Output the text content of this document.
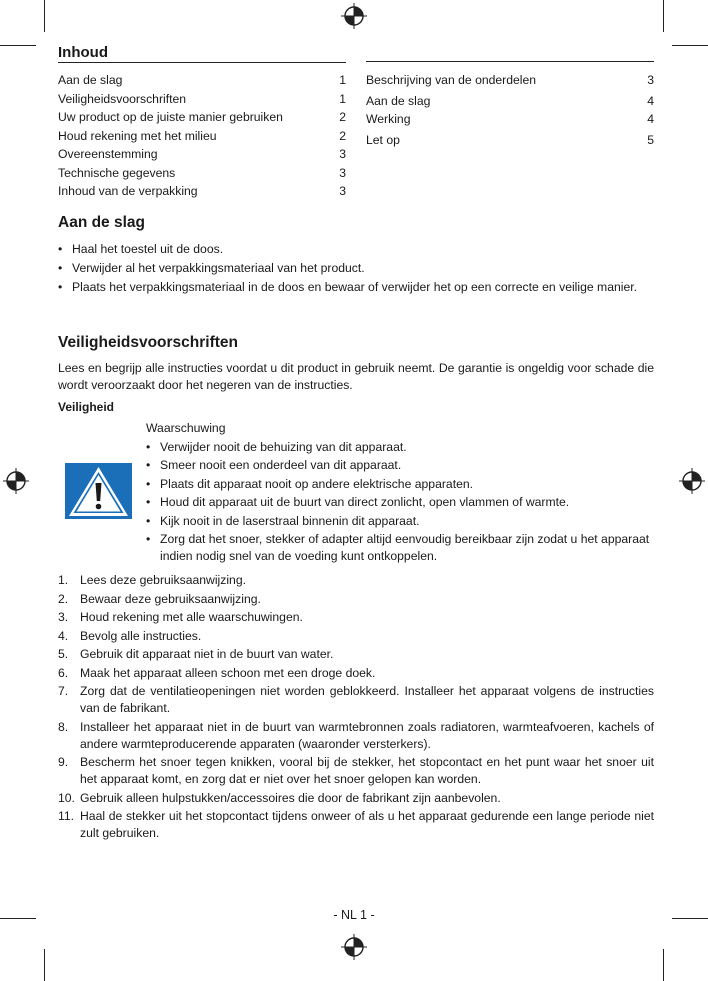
Inhoud
Aan de slag	1
Veiligheidsvoorschriften	1
Uw product op de juiste manier gebruiken	2
Houd rekening met het milieu	2
Overeenstemming	3
Technische gegevens	3
Inhoud van de verpakking	3
Beschrijving van de onderdelen	3
Aan de slag	4
Werking	4
Let op	5
Aan de slag
• Haal het toestel uit de doos.
• Verwijder al het verpakkingsmateriaal van het product.
• Plaats het verpakkingsmateriaal in de doos en bewaar of verwijder het op een correcte en veilige manier.
Veiligheidsvoorschriften
Lees en begrijp alle instructies voordat u dit product in gebruik neemt. De garantie is ongeldig voor schade die wordt veroorzaakt door het negeren van de instructies.
Veiligheid
Waarschuwing
• Verwijder nooit de behuizing van dit apparaat.
• Smeer nooit een onderdeel van dit apparaat.
• Plaats dit apparaat nooit op andere elektrische apparaten.
• Houd dit apparaat uit de buurt van direct zonlicht, open vlammen of warmte.
• Kijk nooit in de laserstraal binnenin dit apparaat.
• Zorg dat het snoer, stekker of adapter altijd eenvoudig bereikbaar zijn zodat u het apparaat indien nodig snel van de voeding kunt ontkoppelen.
1. Lees deze gebruiksaanwijzing.
2. Bewaar deze gebruiksaanwijzing.
3. Houd rekening met alle waarschuwingen.
4. Bevolg alle instructies.
5. Gebruik dit apparaat niet in de buurt van water.
6. Maak het apparaat alleen schoon met een droge doek.
7. Zorg dat de ventilatieopeningen niet worden geblokkeerd. Installeer het apparaat volgens de instructies van de fabrikant.
8. Installeer het apparaat niet in de buurt van warmtebronnen zoals radiatoren, warmteafvoeren, kachels of andere warmteproducerende apparaten (waaronder versterkers).
9. Bescherm het snoer tegen knikken, vooral bij de stekker, het stopcontact en het punt waar het snoer uit het apparaat komt, en zorg dat er niet over het snoer gelopen kan worden.
10. Gebruik alleen hulpstukken/accessoires die door de fabrikant zijn aanbevolen.
11. Haal de stekker uit het stopcontact tijdens onweer of als u het apparaat gedurende een lange periode niet zult gebruiken.
- NL 1 -
